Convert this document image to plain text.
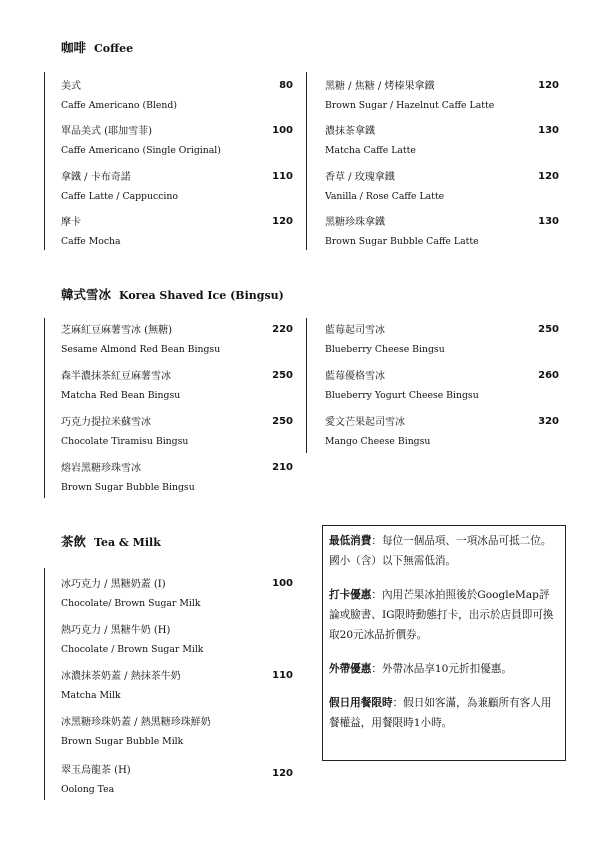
咖啡 Coffee
美式
Caffe Americano (Blend)
80
單品美式 (耶加雪菲)
Caffe Americano (Single Original)
100
拿鐵 / 卡布奇諾
Caffe Latte / Cappuccino
110
摩卡
Caffe Mocha
120
黑糖 / 焦糖 / 烤榛果拿鐵
Brown Sugar / Hazelnut Caffe Latte
120
濃抹茶拿鐵
Matcha Caffe Latte
130
香草 / 玫瑰拿鐵
Vanilla / Rose Caffe Latte
120
黑糖珍珠拿鐵
Brown Sugar Bubble Caffe Latte
130
韓式雪冰 Korea Shaved Ice (Bingsu)
芝麻紅豆麻薯雪冰 (無糖)
Sesame Almond Red Bean Bingsu
220
森半濃抹茶紅豆麻薯雪冰
Matcha Red Bean Bingsu
250
巧克力提拉米蘇雪冰
Chocolate Tiramisu Bingsu
250
熔岩黑糖珍珠雪冰
Brown Sugar Bubble Bingsu
210
藍莓起司雪冰
Blueberry Cheese Bingsu
250
藍莓優格雪冰
Blueberry Yogurt Cheese Bingsu
260
愛文芒果起司雪冰
Mango Cheese Bingsu
320
茶飲 Tea & Milk
冰巧克力 / 黑糖奶蓋 (I)
Chocolate/ Brown Sugar Milk
100
熱巧克力 / 黑糖牛奶 (H)
Chocolate / Brown Sugar Milk
冰濃抹茶奶蓋 / 熱抹茶牛奶
Matcha Milk
110
冰黑糖珍珠奶蓋 / 熱黑糖珍珠鮮奶
Brown Sugar Bubble Milk
翠玉烏龍茶 (H)
Oolong Tea
120

最低消費：每位一個品項、一項冰品可抵二位。國小（含）以下無需低消。

打卡優惠：內用芒果冰拍照後於GoogleMap評論或臉書、IG限時動態打卡，出示於店員即可換取20元冰品折價券。

外帶優惠：外帶冰品享10元折扣優惠。

假日用餐限時：假日如客滿，為兼顧所有客人用餐權益，用餐限時1小時。
